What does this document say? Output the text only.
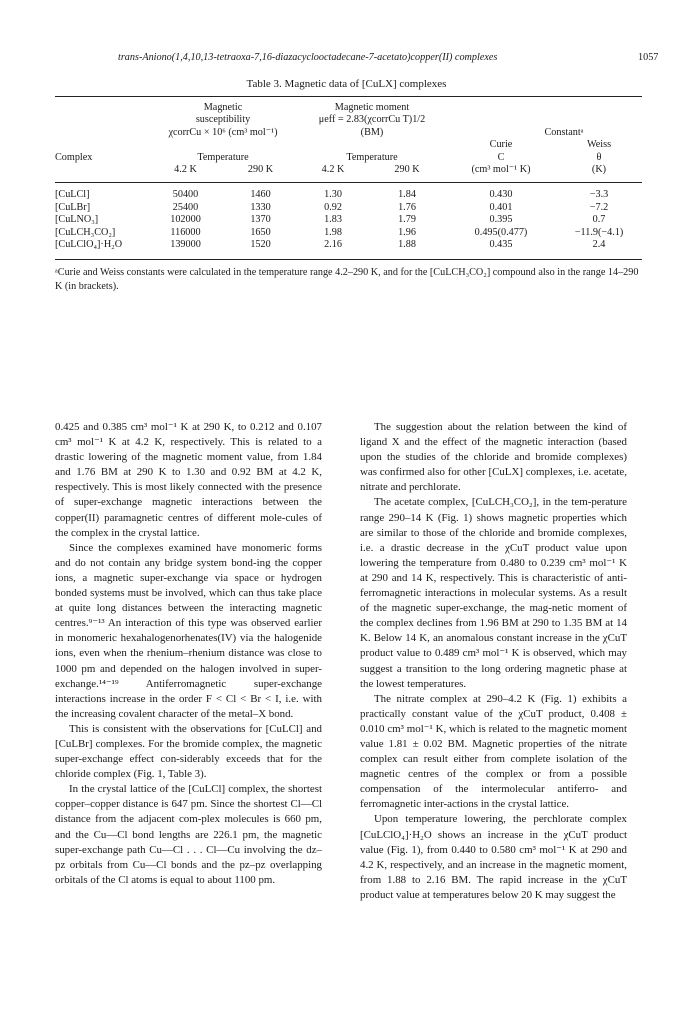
trans-Aniono(1,4,10,13-tetraoxa-7,16-diazacyclooctadecane-7-acetato)copper(II) complexes	1057
Table 3. Magnetic data of [CuLX] complexes
	Magnetic		Magnetic moment			
	susceptibility		μeff = 2.83(χcorrCu T)1/2			
	χcorrCu × 10⁶ (cm³ mol⁻¹)		(BM)		Constantᵃ	
					Curie	Weiss
Complex	Temperature		Temperature		C	θ
	4.2 K	290 K	4.2 K	290 K	(cm³ mol⁻¹ K)	(K)

[CuLCl]	50400	1460	1.30	1.84	0.430	−3.3
[CuLBr]	25400	1330	0.92	1.76	0.401	−7.2
[CuLNO₃]	102000	1370	1.83	1.79	0.395	0.7
[CuLCH₃CO₂]	116000	1650	1.98	1.96	0.495(0.477)	−11.9(−4.1)
[CuLClO₄]·H₂O	139000	1520	2.16	1.88	0.435	2.4

ᵃCurie and Weiss constants were calculated in the temperature range 4.2–290 K, and for the [CuLCH₃CO₂] compound also in the range 14–290 K (in brackets).

0.425 and 0.385 cm³ mol⁻¹ K at 290 K, to 0.212 and 0.107 cm³ mol⁻¹ K at 4.2 K, respectively. This is related to a drastic lowering of the magnetic moment value, from 1.84 and 1.76 BM at 290 K to 1.30 and 0.92 BM at 4.2 K, respectively. This is most likely connected with the presence of super-exchange magnetic interactions between the copper(II) paramagnetic centres of different mole-cules of the complex in the crystal lattice.

Since the complexes examined have monomeric forms and do not contain any bridge system bond-ing the copper ions, a magnetic super-exchange via space or hydrogen bonded systems must be involved, which can thus take place at quite long distances between the interacting magnetic centres.⁹⁻¹³ An interaction of this type was observed earlier in monomeric hexahalogenorhenates(IV) via the halogenide ions, even when the rhenium–rhenium distance was close to 1000 pm and depended on the halogen involved in super-exchange.¹⁴⁻¹⁹ Antiferromagnetic super-exchange interactions increase in the order F < Cl < Br < I, i.e. with the increasing covalent character of the metal–X bond.

This is consistent with the observations for [CuLCl] and [CuLBr] complexes. For the bromide complex, the magnetic super-exchange effect con-siderably exceeds that for the chloride complex (Fig. 1, Table 3).

In the crystal lattice of the [CuLCl] complex, the shortest copper–copper distance is 647 pm. Since the shortest Cl—Cl distance from the adjacent com-plex molecules is 660 pm, and the Cu—Cl bond lengths are 226.1 pm, the magnetic super-exchange path Cu—Cl . . . Cl—Cu involving the dz–pz orbitals from Cu—Cl bonds and the pz–pz overlapping orbitals of the Cl atoms is equal to about 1100 pm.

The suggestion about the relation between the kind of ligand X and the effect of the magnetic interaction (based upon the studies of the chloride and bromide complexes) was confirmed also for other [CuLX] complexes, i.e. acetate, nitrate and perchlorate.

The acetate complex, [CuLCH₃CO₂], in the tem-perature range 290–14 K (Fig. 1) shows magnetic properties which are similar to those of the chloride and bromide complexes, i.e. a drastic decrease in the χCuT product value upon lowering the temperature from 0.480 to 0.239 cm³ mol⁻¹ K at 290 and 14 K, respectively. This is characteristic of anti-ferromagnetic interactions in molecular systems. As a result of the magnetic super-exchange, the mag-netic moment of the complex declines from 1.96 BM at 290 to 1.35 BM at 14 K. Below 14 K, an anomalous constant increase in the χCuT product value to 0.489 cm³ mol⁻¹ K is observed, which may suggest a transition to the long ordering magnetic phase at the lowest temperatures.

The nitrate complex at 290–4.2 K (Fig. 1) exhibits a practically constant value of the χCuT product, 0.408 ± 0.010 cm³ mol⁻¹ K, which is related to the magnetic moment value 1.81 ± 0.02 BM. Magnetic properties of the nitrate complex can result either from complete isolation of the magnetic centres of the complex or from a possible compensation of the intermolecular antiferro- and ferromagnetic inter-actions in the crystal lattice.

Upon temperature lowering, the perchlorate complex [CuLClO₄]·H₂O shows an increase in the χCuT product value (Fig. 1), from 0.440 to 0.580 cm³ mol⁻¹ K at 290 and 4.2 K, respectively, and an increase in the magnetic moment, from 1.88 to 2.16 BM. The rapid increase in the χCuT product value at temperatures below 20 K may suggest the
